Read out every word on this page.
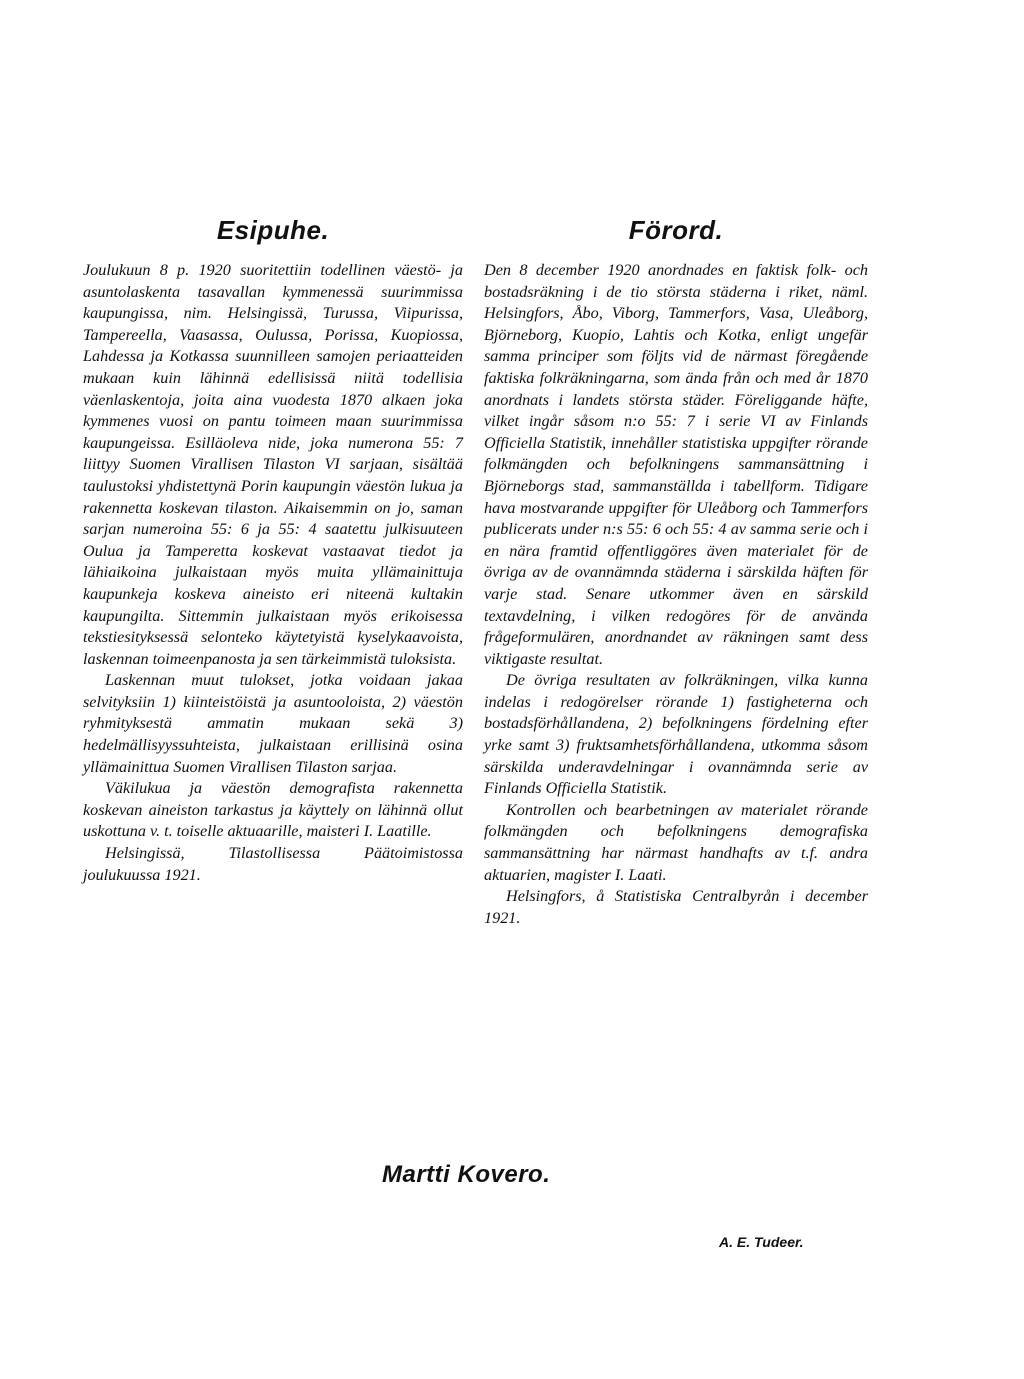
Esipuhe.

Joulukuun 8 p. 1920 suoritettiin todellinen väestö- ja asuntolaskenta tasavallan kymmenessä suurimmissa kaupungissa, nim. Helsingissä, Turussa, Viipurissa, Tampereella, Vaasassa, Oulussa, Porissa, Kuopiossa, Lahdessa ja Kotkassa suunnilleen samojen periaatteiden mukaan kuin lähinnä edellisissä niitä todellisia väenlaskentoja, joita aina vuodesta 1870 alkaen joka kymmenes vuosi on pantu toimeen maan suurimmissa kaupungeissa. Esilläoleva nide, joka numerona 55: 7 liittyy Suomen Virallisen Tilaston VI sarjaan, sisältää taulustoksi yhdistettynä Porin kaupungin väestön lukua ja rakennetta koskevan tilaston. Aikaisemmin on jo, saman sarjan numeroina 55: 6 ja 55: 4 saatettu julkisuuteen Oulua ja Tamperetta koskevat vastaavat tiedot ja lähiaikoina julkaistaan myös muita yllämainittuja kaupunkeja koskeva aineisto eri niteenä kultakin kaupungilta. Sittemmin julkaistaan myös erikoisessa tekstiesityksessä selonteko käytetyistä kyselykaavoista, laskennan toimeenpanosta ja sen tärkeimmistä tuloksista.

Laskennan muut tulokset, jotka voidaan jakaa selvityksiin 1) kiinteistöistä ja asuntooloista, 2) väestön ryhmityksestä ammatin mukaan sekä 3) hedelmällisyyssuhteista, julkaistaan erillisinä osina yllämainittua Suomen Virallisen Tilaston sarjaa.

Väkilukua ja väestön demografista rakennetta koskevan aineiston tarkastus ja käyttely on lähinnä ollut uskottuna v. t. toiselle aktuaarille, maisteri I. Laatille.

Helsingissä, Tilastollisessa Päätoimistossa joulukuussa 1921.

Förord.

Den 8 december 1920 anordnades en faktisk folk- och bostadsräkning i de tio största städerna i riket, näml. Helsingfors, Åbo, Viborg, Tammerfors, Vasa, Uleåborg, Björneborg, Kuopio, Lahtis och Kotka, enligt ungefär samma principer som följts vid de närmast föregående faktiska folkräkningarna, som ända från och med år 1870 anordnats i landets största städer. Föreliggande häfte, vilket ingår såsom n:o 55: 7 i serie VI av Finlands Officiella Statistik, innehåller statistiska uppgifter rörande folkmängden och befolkningens sammansättning i Björneborgs stad, sammanställda i tabellform. Tidigare hava mostvarande uppgifter för Uleåborg och Tammerfors publicerats under n:s 55: 6 och 55: 4 av samma serie och i en nära framtid offentliggöres även materialet för de övriga av de ovannämnda städerna i särskilda häften för varje stad. Senare utkommer även en särskild textavdelning, i vilken redogöres för de använda frågeformulären, anordnandet av räkningen samt dess viktigaste resultat.

De övriga resultaten av folkräkningen, vilka kunna indelas i redogörelser rörande 1) fastigheterna och bostadsförhållandena, 2) befolkningens fördelning efter yrke samt 3) fruktsamhetsförhållandena, utkomma såsom särskilda underavdelningar i ovannämnda serie av Finlands Officiella Statistik.

Kontrollen och bearbetningen av materialet rörande folkmängden och befolkningens demografiska sammansättning har närmast handhafts av t.f. andra aktuarien, magister I. Laati.

Helsingfors, å Statistiska Centralbyrån i december 1921.

Martti Kovero.
A. E. Tudeer.
